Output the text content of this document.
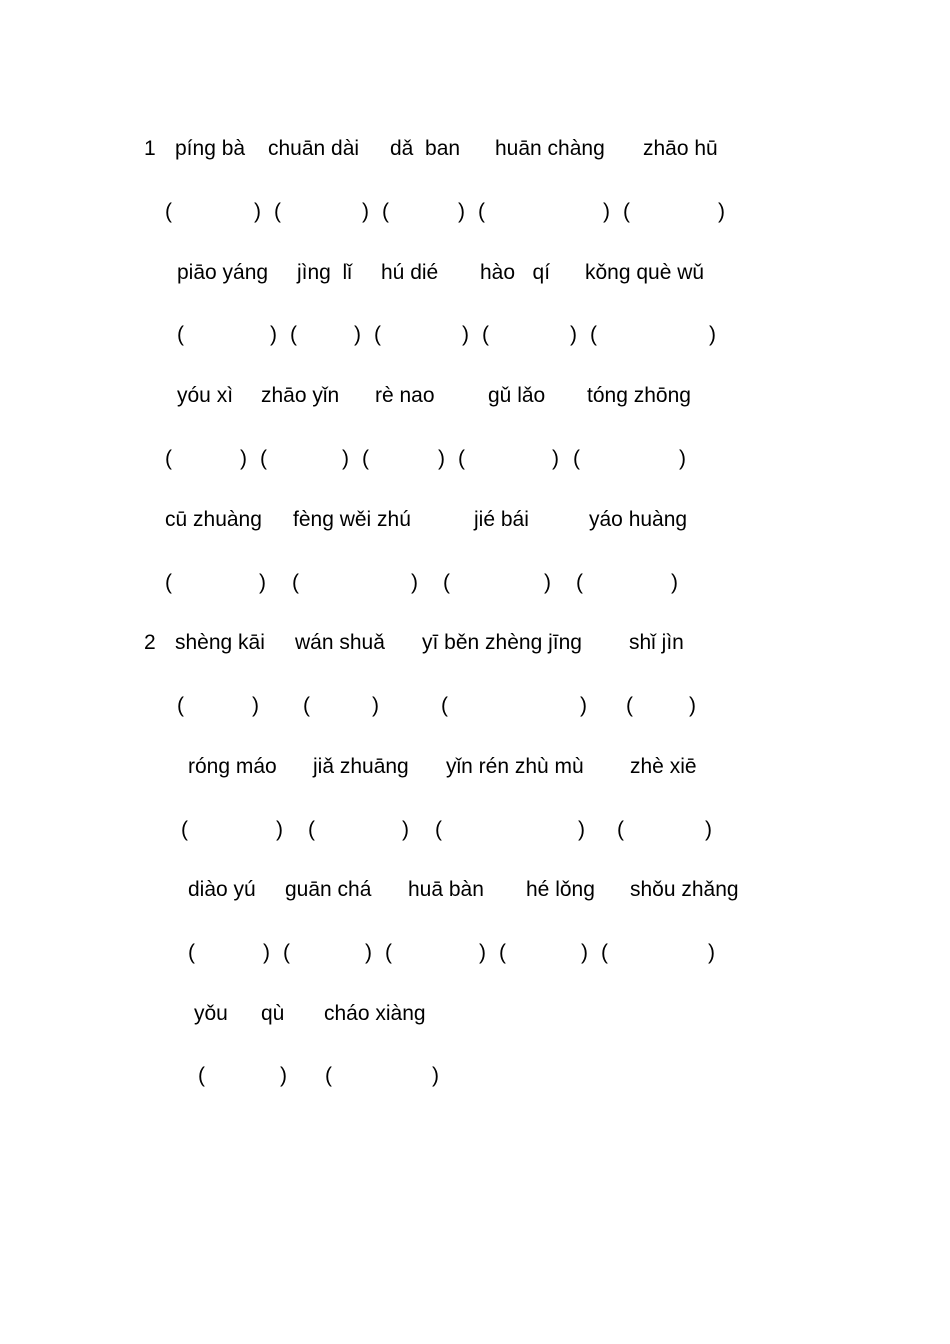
1

píng bà

chuān dài

dǎ  ban

huān chàng

zhāo hū

(

	)

(

	)

(

	)

(

	)

(

	)

piāo yáng

jìng  lǐ

hú dié

hào   qí

kǒng què wǔ

(

	)

(

	)

(

	)

(

	)

(

	)

yóu xì

zhāo yǐn

rè nao

	gǔ lǎo

tóng zhōng

(

	)

(

	)

(

	)

(

	)

(

	)

cū zhuàng

fèng wěi zhú

	jié bái

	yáo huàng

(

	)

(

	)

(

	)

(

	)

2

shèng kāi

wán shuǎ

yī běn zhèng jīng

shǐ jìn

(

	)

(

	)

	(

	)

(

	)

róng máo

jiǎ zhuāng

yǐn rén zhù mù

zhè xiē

(

	)

(

	)

(

	)

(

	)

diào yú

guān chá

huā bàn

hé lǒng

shǒu zhǎng

(

	)

(

	)

(

	)

(

	)

(

	)

yǒu

qù

cháo xiàng

(

	)

(

	)
